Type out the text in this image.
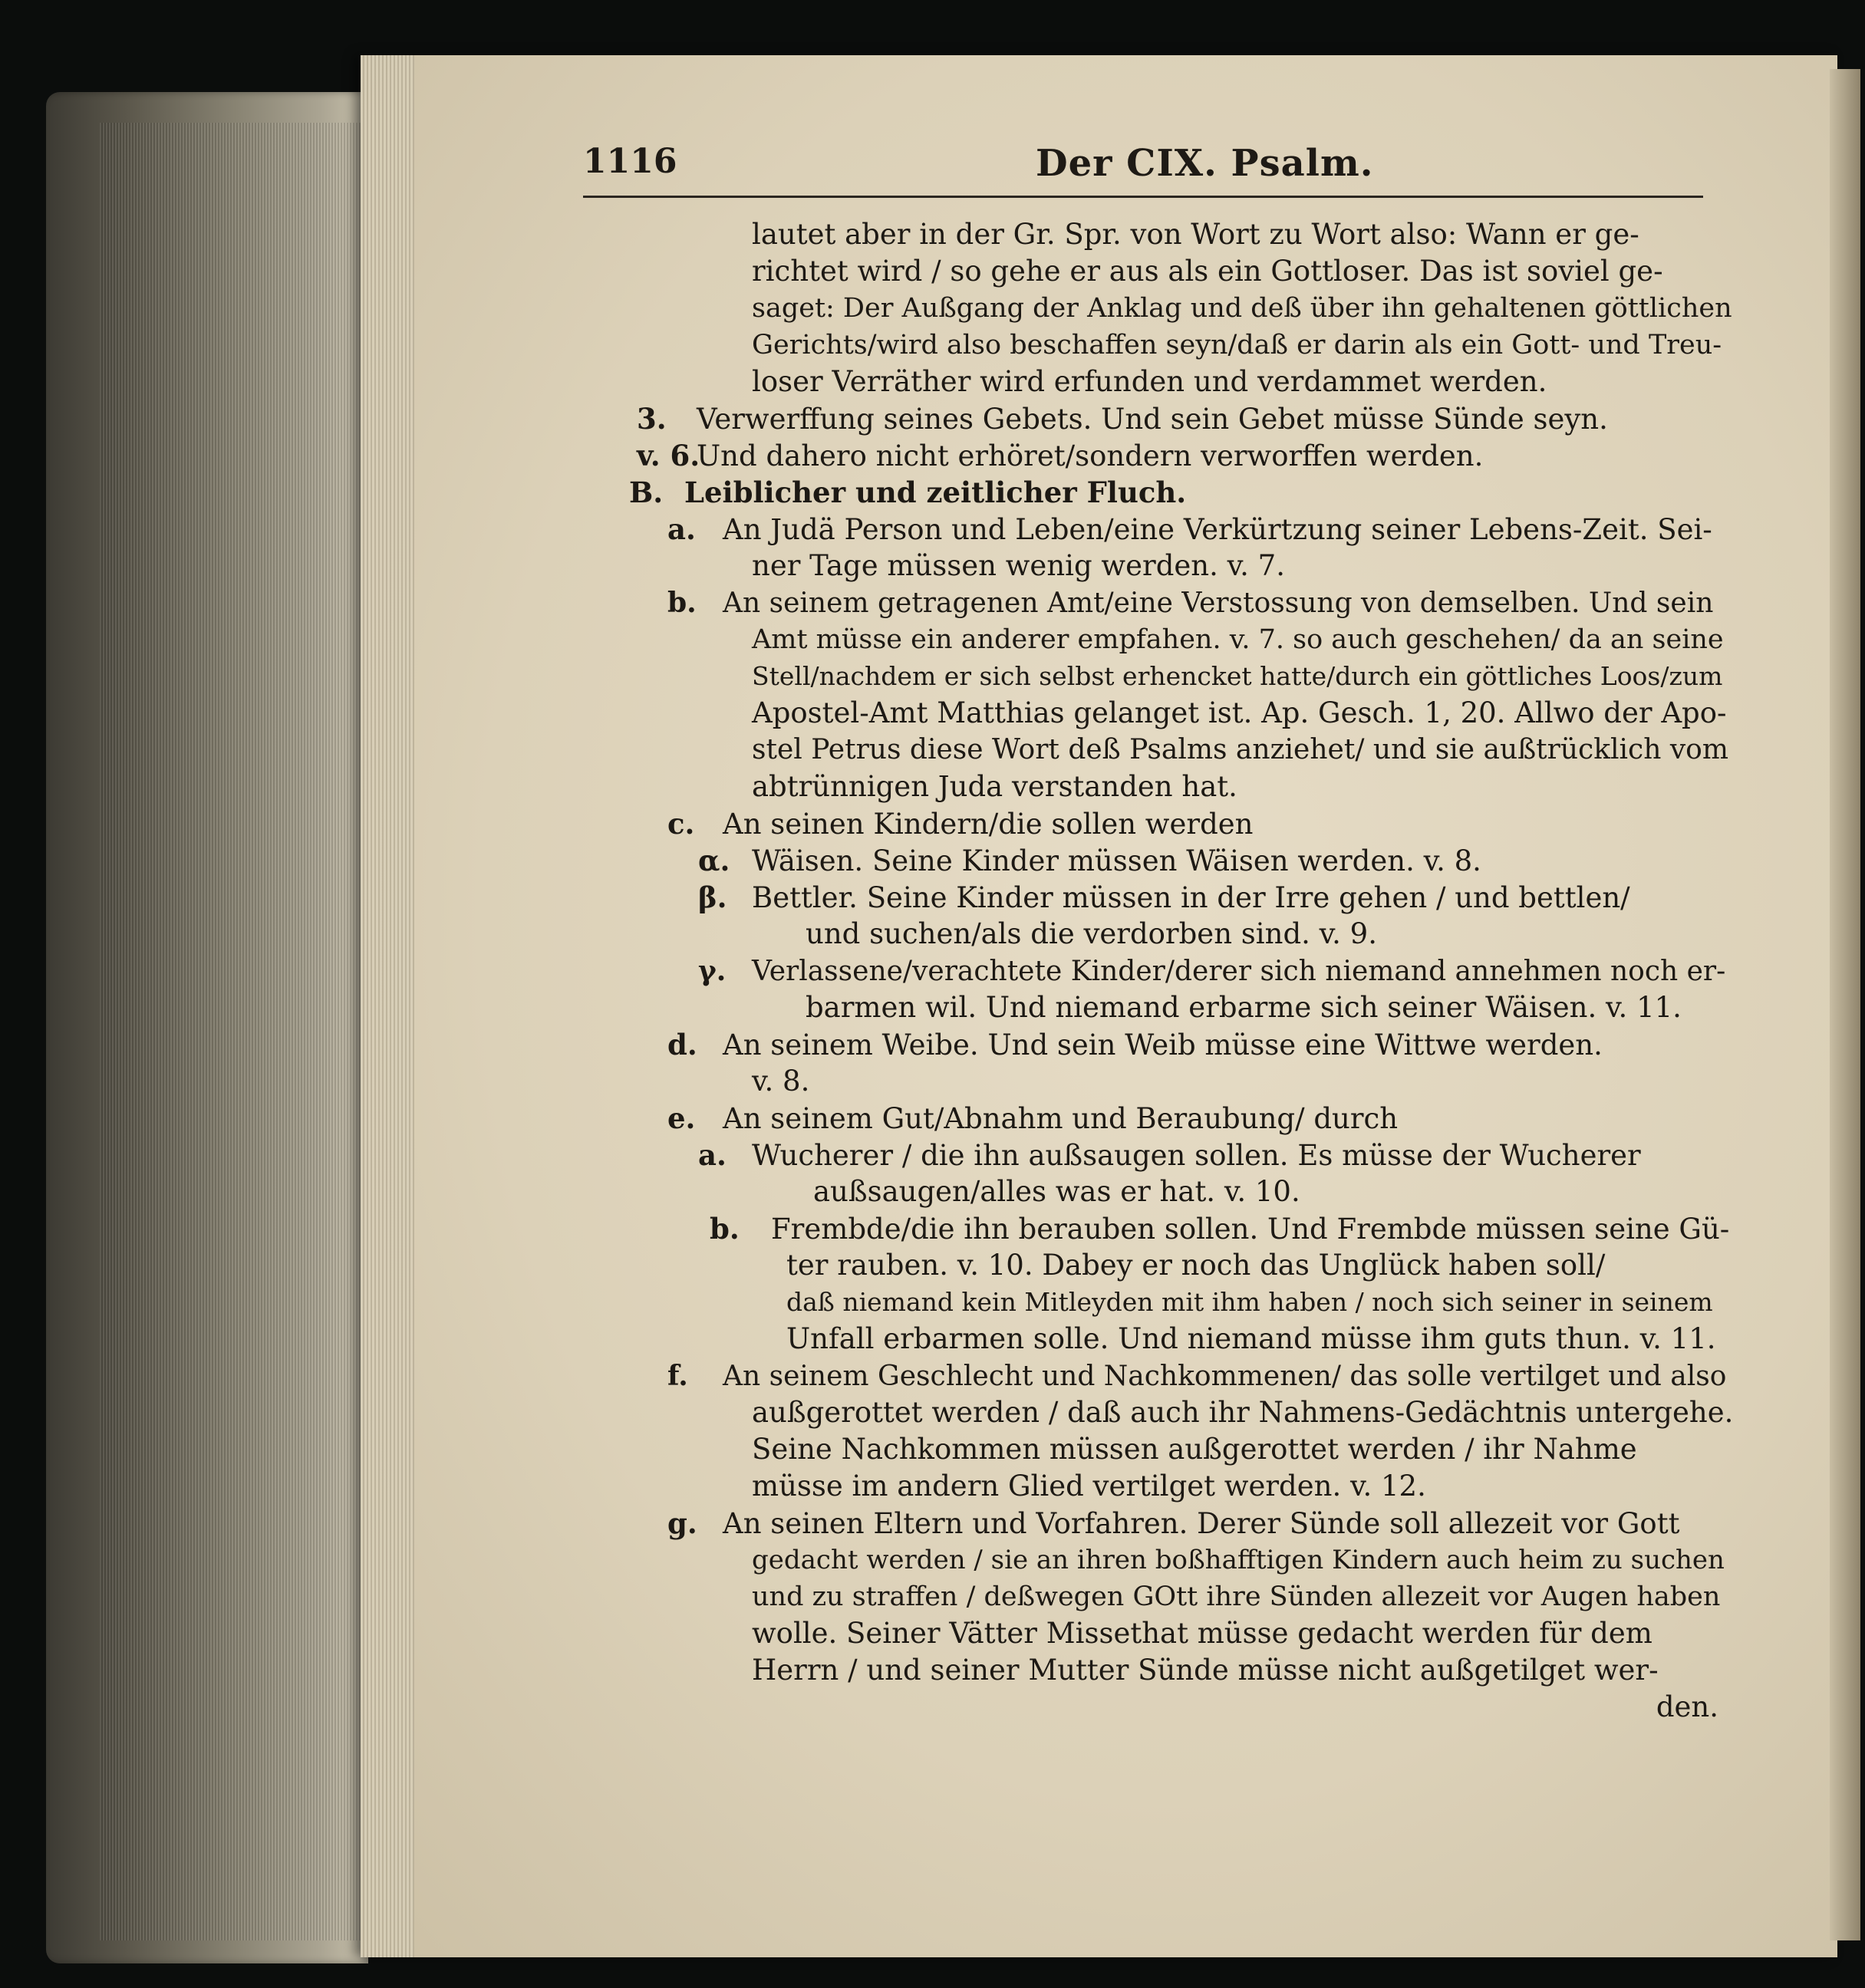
1116	Der CIX. Psalm.
lautet aber in der Gr. Spr. von Wort zu Wort also: Wann er ge-
richtet wird / so gehe er aus als ein Gottloser. Das ist soviel ge-
saget: Der Außgang der Anklag und deß über ihn gehaltenen göttlichen
Gerichts/wird also beschaffen seyn/daß er darin als ein Gott- und Treu-
loser Verräther wird erfunden und verdammet werden.
3. Verwerffung seines Gebets. Und sein Gebet müsse Sünde seyn.
v. 6.Und dahero nicht erhöret/sondern verworffen werden.
B. Leiblicher und zeitlicher Fluch.
a. An Judä Person und Leben/eine Verkürtzung seiner Lebens-Zeit. Sei-
ner Tage müssen wenig werden. v. 7.
b. An seinem getragenen Amt/eine Verstossung von demselben. Und sein
Amt müsse ein anderer empfahen. v. 7. so auch geschehen/ da an seine
Stell/nachdem er sich selbst erhencket hatte/durch ein göttliches Loos/zum
Apostel-Amt Matthias gelanget ist. Ap. Gesch. 1, 20. Allwo der Apo-
stel Petrus diese Wort deß Psalms anziehet/ und sie außtrücklich vom
abtrünnigen Juda verstanden hat.
c. An seinen Kindern/die sollen werden
α. Wäisen. Seine Kinder müssen Wäisen werden. v. 8.
β. Bettler. Seine Kinder müssen in der Irre gehen / und bettlen/
und suchen/als die verdorben sind. v. 9.
γ. Verlassene/verachtete Kinder/derer sich niemand annehmen noch er-
barmen wil. Und niemand erbarme sich seiner Wäisen. v. 11.
d. An seinem Weibe. Und sein Weib müsse eine Wittwe werden.
v. 8.
e. An seinem Gut/Abnahm und Beraubung/ durch
a. Wucherer / die ihn außsaugen sollen. Es müsse der Wucherer
außsaugen/alles was er hat. v. 10.
b. Frembde/die ihn berauben sollen. Und Frembde müssen seine Gü-
ter rauben. v. 10. Dabey er noch das Unglück haben soll/
daß niemand kein Mitleyden mit ihm haben / noch sich seiner in seinem
Unfall erbarmen solle. Und niemand müsse ihm guts thun. v. 11.
f. An seinem Geschlecht und Nachkommenen/ das solle vertilget und also
außgerottet werden / daß auch ihr Nahmens-Gedächtnis untergehe.
Seine Nachkommen müssen außgerottet werden / ihr Nahme
müsse im andern Glied vertilget werden. v. 12.
g. An seinen Eltern und Vorfahren. Derer Sünde soll allezeit vor Gott
gedacht werden / sie an ihren boßhafftigen Kindern auch heim zu suchen
und zu straffen / deßwegen GOtt ihre Sünden allezeit vor Augen haben
wolle. Seiner Vätter Missethat müsse gedacht werden für dem
Herrn / und seiner Mutter Sünde müsse nicht außgetilget wer-
den.
